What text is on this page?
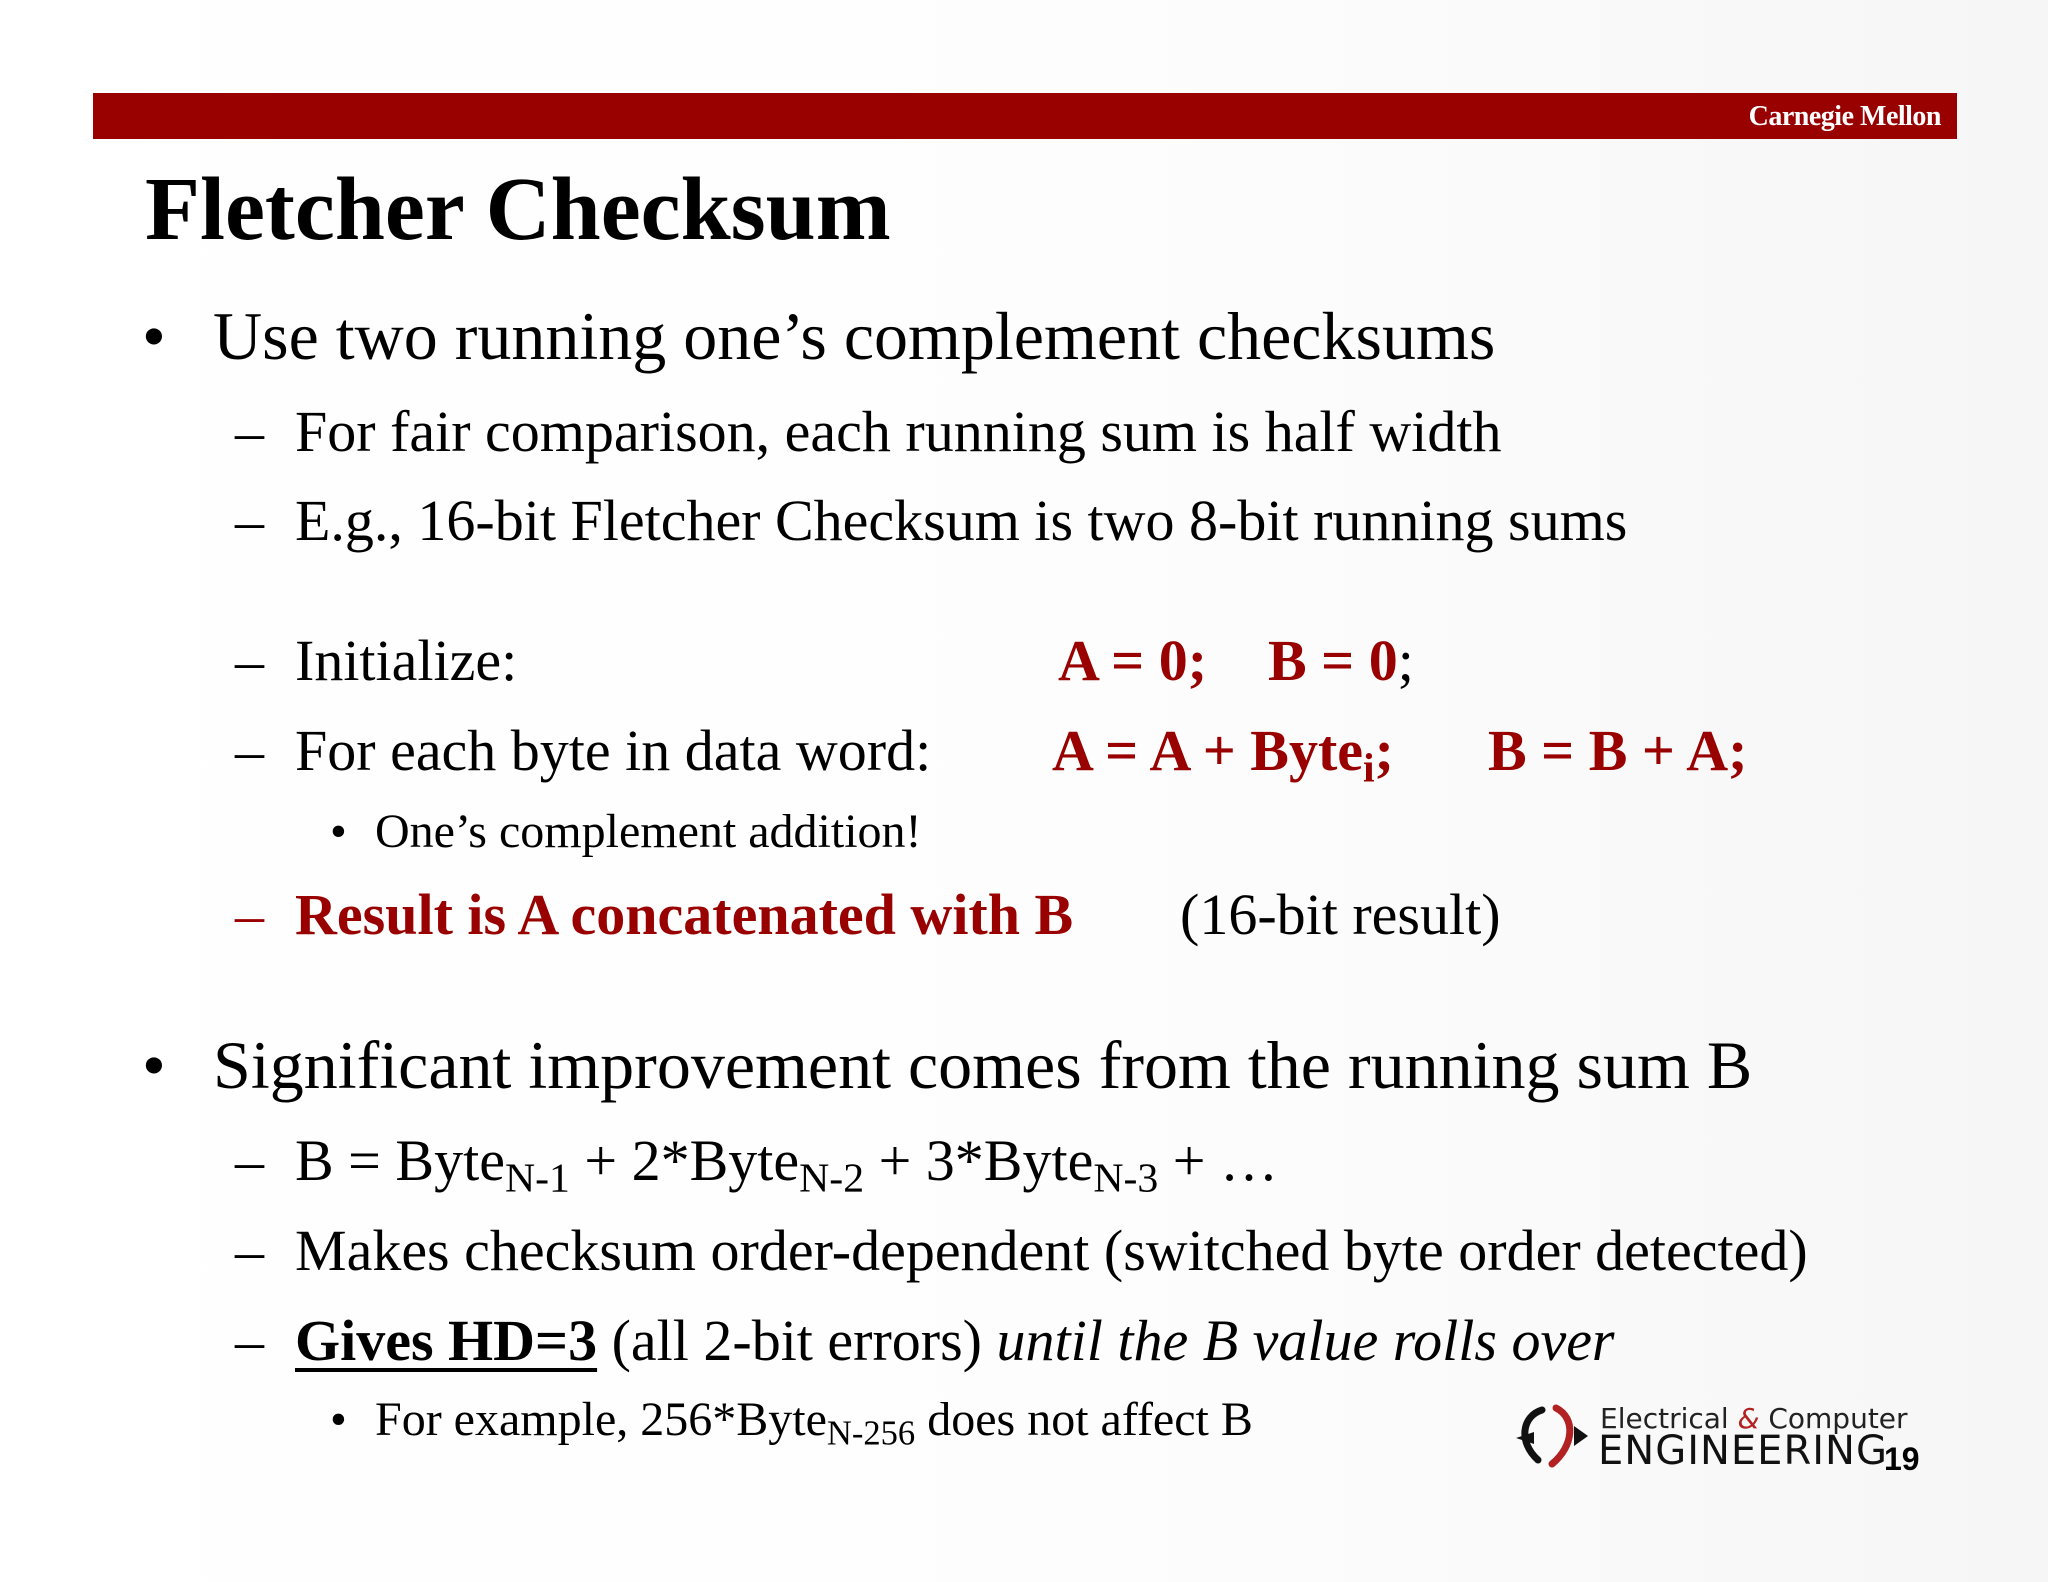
Carnegie Mellon
Fletcher Checksum
• Use two running one’s complement checksums
– For fair comparison, each running sum is half width
– E.g., 16-bit Fletcher Checksum is two 8-bit running sums
– Initialize:	A = 0; B = 0;
– For each byte in data word: A = A + Byte$_i$; B = B + A;
• One’s complement addition!
– Result is A concatenated with B (16-bit result)
• Significant improvement comes from the running sum B
– B = Byte$_{N-1}$ + 2*Byte$_{N-2}$ + 3*Byte$_{N-3}$ + …
– Makes checksum order-dependent (switched byte order detected)
– Gives HD=3 (all 2-bit errors) until the B value rolls over
• For example, 256*Byte$_{N-256}$ does not affect B	Electrical & Computer
ENGINEERING
19
